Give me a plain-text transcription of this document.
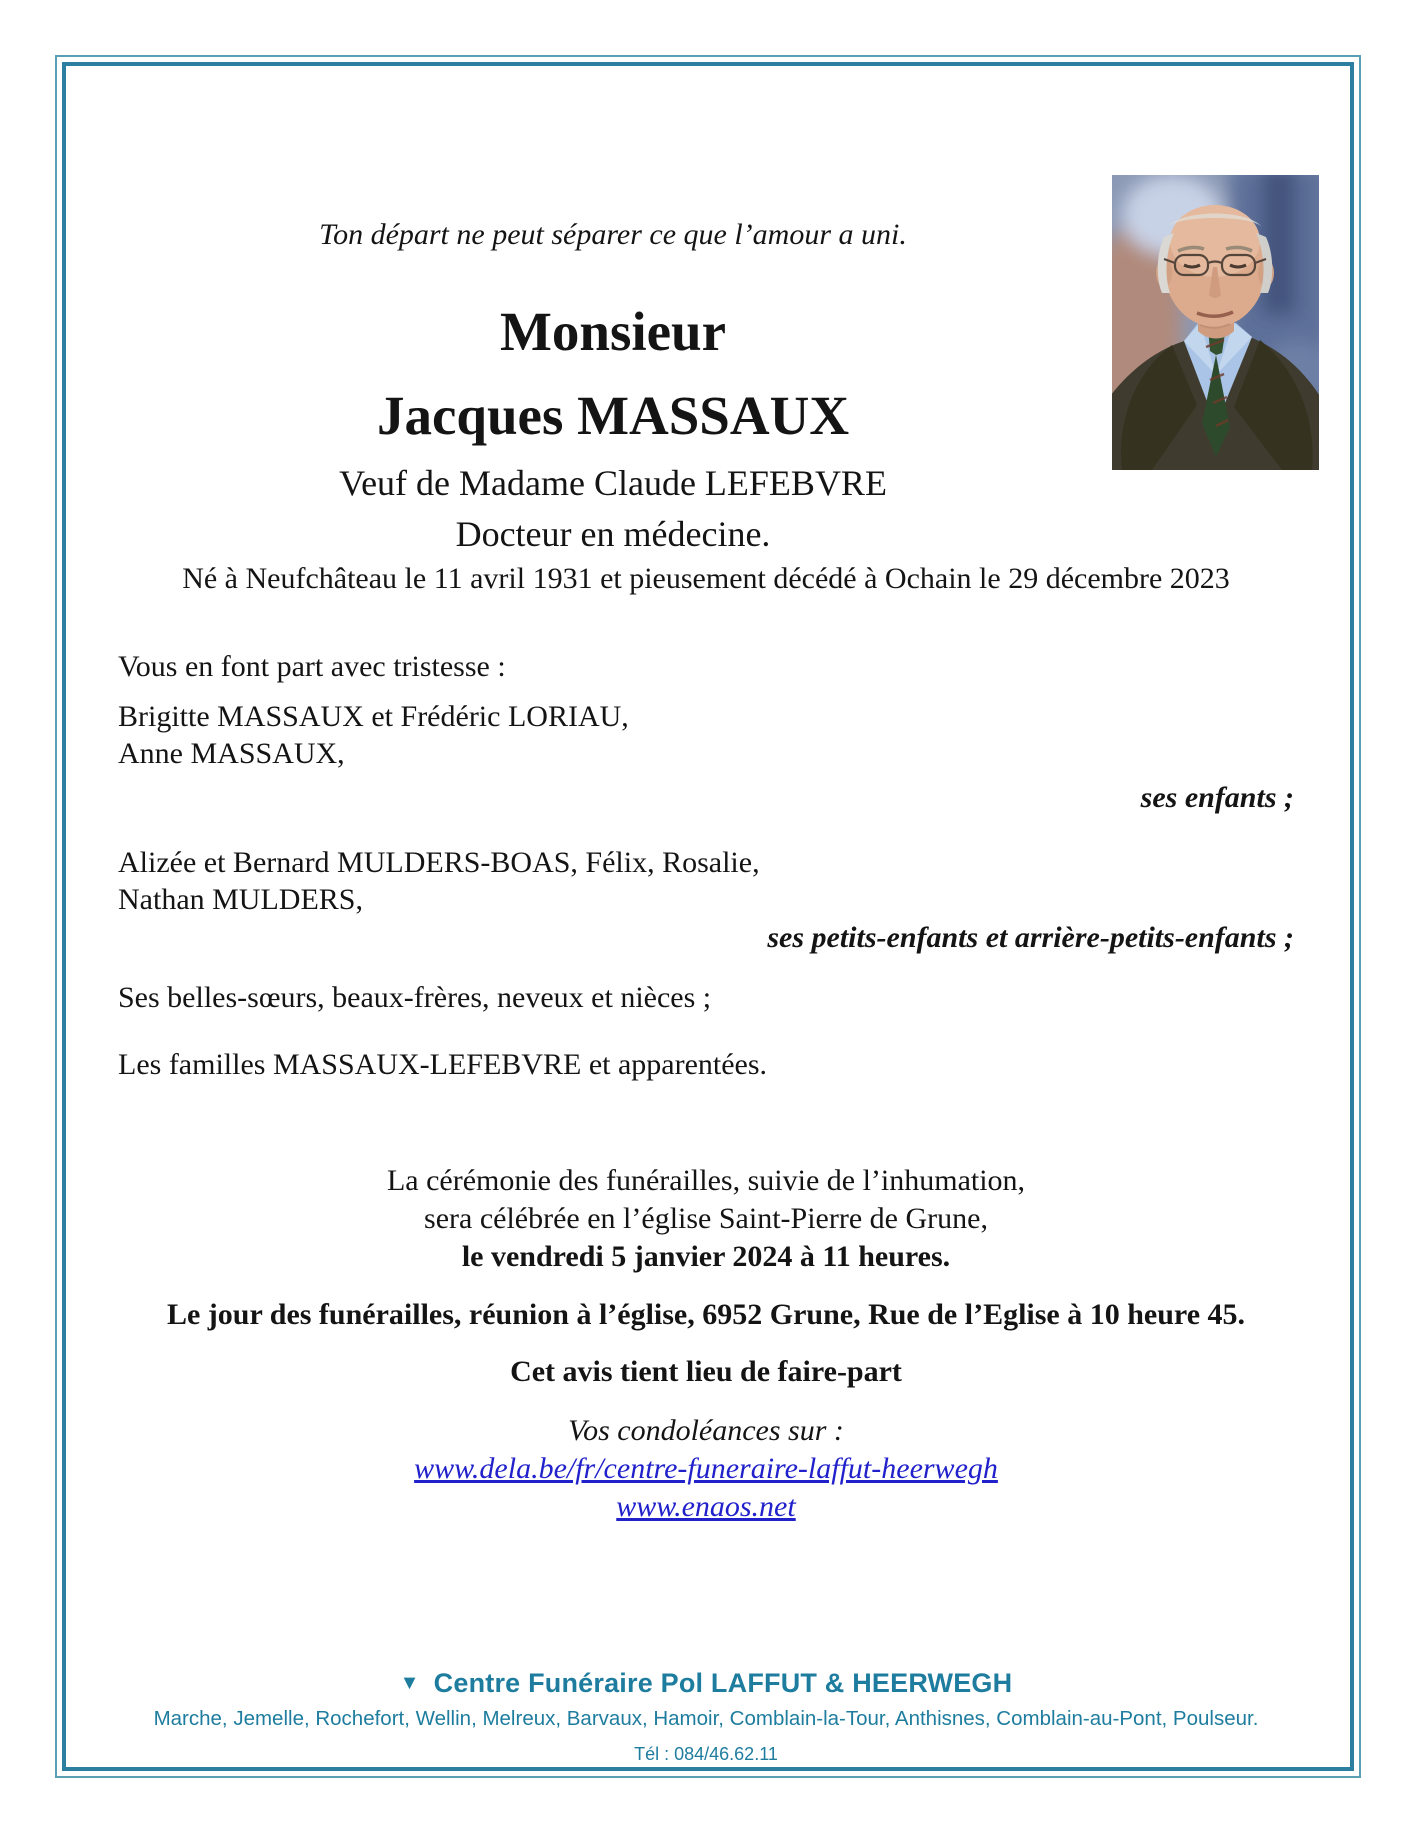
Ton départ ne peut séparer ce que l’amour a uni.
Monsieur
Jacques MASSAUX
Veuf de Madame Claude LEFEBVRE
Docteur en médecine.
Né à Neufchâteau le 11 avril 1931 et pieusement décédé à Ochain le 29 décembre 2023
Vous en font part avec tristesse :
Brigitte MASSAUX et Frédéric LORIAU,
Anne MASSAUX,
ses enfants ;
Alizée et Bernard MULDERS-BOAS, Félix, Rosalie,
Nathan MULDERS,
ses petits-enfants et arrière-petits-enfants ;
Ses belles-sœurs, beaux-frères, neveux et nièces ;
Les familles MASSAUX-LEFEBVRE et apparentées.
La cérémonie des funérailles, suivie de l’inhumation,
sera célébrée en l’église Saint-Pierre de Grune,
le vendredi 5 janvier 2024 à 11 heures.
Le jour des funérailles, réunion à l’église, 6952 Grune, Rue de l’Eglise à 10 heure 45.
Cet avis tient lieu de faire-part
Vos condoléances sur :
www.dela.be/fr/centre-funeraire-laffut-heerwegh
www.enaos.net
▼ Centre Funéraire Pol LAFFUT & HEERWEGH
Marche, Jemelle, Rochefort, Wellin, Melreux, Barvaux, Hamoir, Comblain-la-Tour, Anthisnes, Comblain-au-Pont, Poulseur.
Tél : 084/46.62.11
